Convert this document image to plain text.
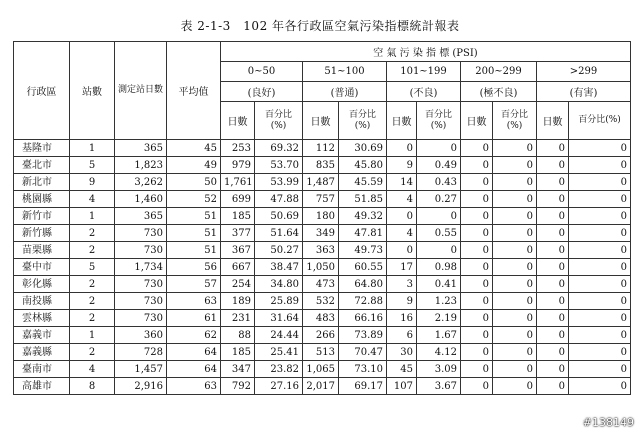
表 2-1-3　102 年各行政區空氣污染指標統計報表
行政區	站數	測定站日數	平均值	空 氣 污 染 指 標 (PSI)									
				0~50		51~100		101~199		200~299		>299	
				(良好)		(普通)		(不良)		(極不良)		(有害)	
				日數	百分比(%)	日數	百分比(%)	日數	百分比(%)	日數	百分比(%)	日數	百分比(%)
基隆市	1	365	45	253	69.32	112	30.69	0	0	0	0	0	0
臺北市	5	1,823	49	979	53.70	835	45.80	9	0.49	0	0	0	0
新北市	9	3,262	50	1,761	53.99	1,487	45.59	14	0.43	0	0	0	0
桃園縣	4	1,460	52	699	47.88	757	51.85	4	0.27	0	0	0	0
新竹市	1	365	51	185	50.69	180	49.32	0	0	0	0	0	0
新竹縣	2	730	51	377	51.64	349	47.81	4	0.55	0	0	0	0
苗栗縣	2	730	51	367	50.27	363	49.73	0	0	0	0	0	0
臺中市	5	1,734	56	667	38.47	1,050	60.55	17	0.98	0	0	0	0
彰化縣	2	730	57	254	34.80	473	64.80	3	0.41	0	0	0	0
南投縣	2	730	63	189	25.89	532	72.88	9	1.23	0	0	0	0
雲林縣	2	730	61	231	31.64	483	66.16	16	2.19	0	0	0	0
嘉義市	1	360	62	88	24.44	266	73.89	6	1.67	0	0	0	0
嘉義縣	2	728	64	185	25.41	513	70.47	30	4.12	0	0	0	0
臺南市	4	1,457	64	347	23.82	1,065	73.10	45	3.09	0	0	0	0
高雄市	8	2,916	63	792	27.16	2,017	69.17	107	3.67	0	0	0	0
#138149
